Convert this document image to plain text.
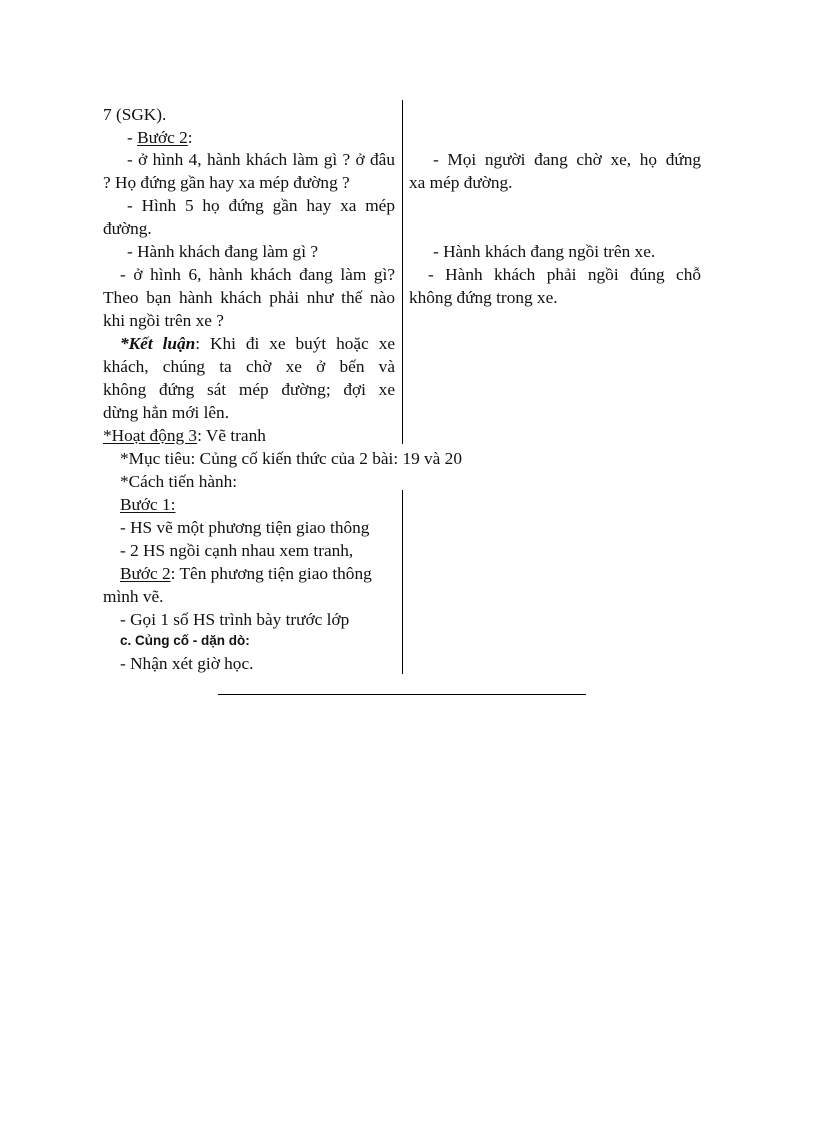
7 (SGK).
- Bước 2:
- ở hình 4, hành khách làm gì ? ở đâu
? Họ đứng gần hay xa mép đường ?
- Hình 5 họ đứng gần hay xa mép
đường.
- Hành khách đang làm gì ?
- ở hình 6, hành khách đang làm gì?
Theo bạn hành khách phải như thế nào
khi ngồi trên xe ?
*Kết luận: Khi đi xe buýt hoặc xe
khách, chúng ta chờ xe ở bến và
không đứng sát mép đường; đợi xe
dừng hẳn mới lên.
- Mọi người đang chờ xe, họ đứng
xa mép đường.
- Hành khách đang ngồi trên xe.
- Hành khách phải ngồi đúng chỗ
không đứng trong xe.
*Hoạt động 3: Vẽ tranh
*Mục tiêu: Củng cố kiến thức của 2 bài: 19 và 20
*Cách tiến hành:
Bước 1:
- HS vẽ một phương tiện giao thông
- 2 HS ngồi cạnh nhau xem tranh,
Bước 2: Tên phương tiện giao thông
mình vẽ.
- Gọi 1 số HS trình bày trước lớp
c. Củng cố - dặn dò:
- Nhận xét giờ học.
